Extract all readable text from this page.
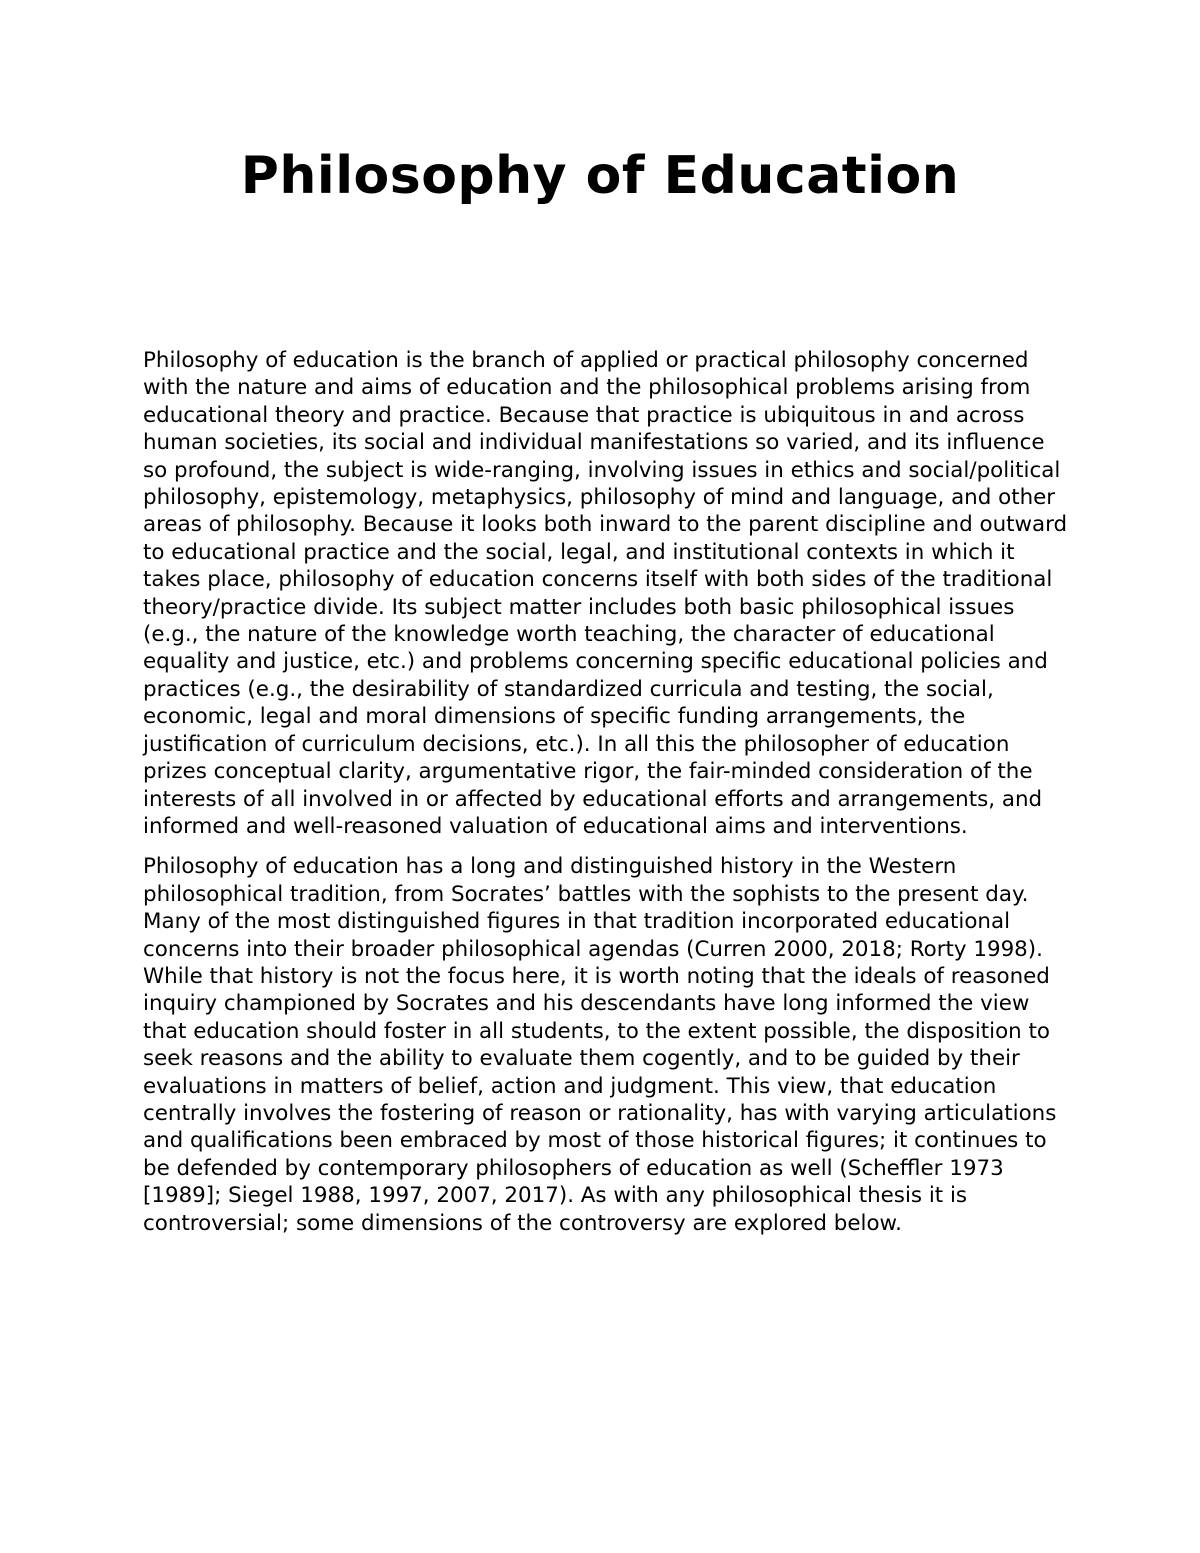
Philosophy of Education

Philosophy of education is the branch of applied or practical philosophy concerned with the nature and aims of education and the philosophical problems arising from educational theory and practice. Because that practice is ubiquitous in and across human societies, its social and individual manifestations so varied, and its influence so profound, the subject is wide-ranging, involving issues in ethics and social/political philosophy, epistemology, metaphysics, philosophy of mind and language, and other areas of philosophy. Because it looks both inward to the parent discipline and outward to educational practice and the social, legal, and institutional contexts in which it takes place, philosophy of education concerns itself with both sides of the traditional theory/practice divide. Its subject matter includes both basic philosophical issues (e.g., the nature of the knowledge worth teaching, the character of educational equality and justice, etc.) and problems concerning specific educational policies and practices (e.g., the desirability of standardized curricula and testing, the social, economic, legal and moral dimensions of specific funding arrangements, the justification of curriculum decisions, etc.). In all this the philosopher of education prizes conceptual clarity, argumentative rigor, the fair-minded consideration of the interests of all involved in or affected by educational efforts and arrangements, and informed and well-reasoned valuation of educational aims and interventions.

Philosophy of education has a long and distinguished history in the Western philosophical tradition, from Socrates’ battles with the sophists to the present day. Many of the most distinguished figures in that tradition incorporated educational concerns into their broader philosophical agendas (Curren 2000, 2018; Rorty 1998). While that history is not the focus here, it is worth noting that the ideals of reasoned inquiry championed by Socrates and his descendants have long informed the view that education should foster in all students, to the extent possible, the disposition to seek reasons and the ability to evaluate them cogently, and to be guided by their evaluations in matters of belief, action and judgment. This view, that education centrally involves the fostering of reason or rationality, has with varying articulations and qualifications been embraced by most of those historical figures; it continues to be defended by contemporary philosophers of education as well (Scheffler 1973 [1989]; Siegel 1988, 1997, 2007, 2017). As with any philosophical thesis it is controversial; some dimensions of the controversy are explored below.
